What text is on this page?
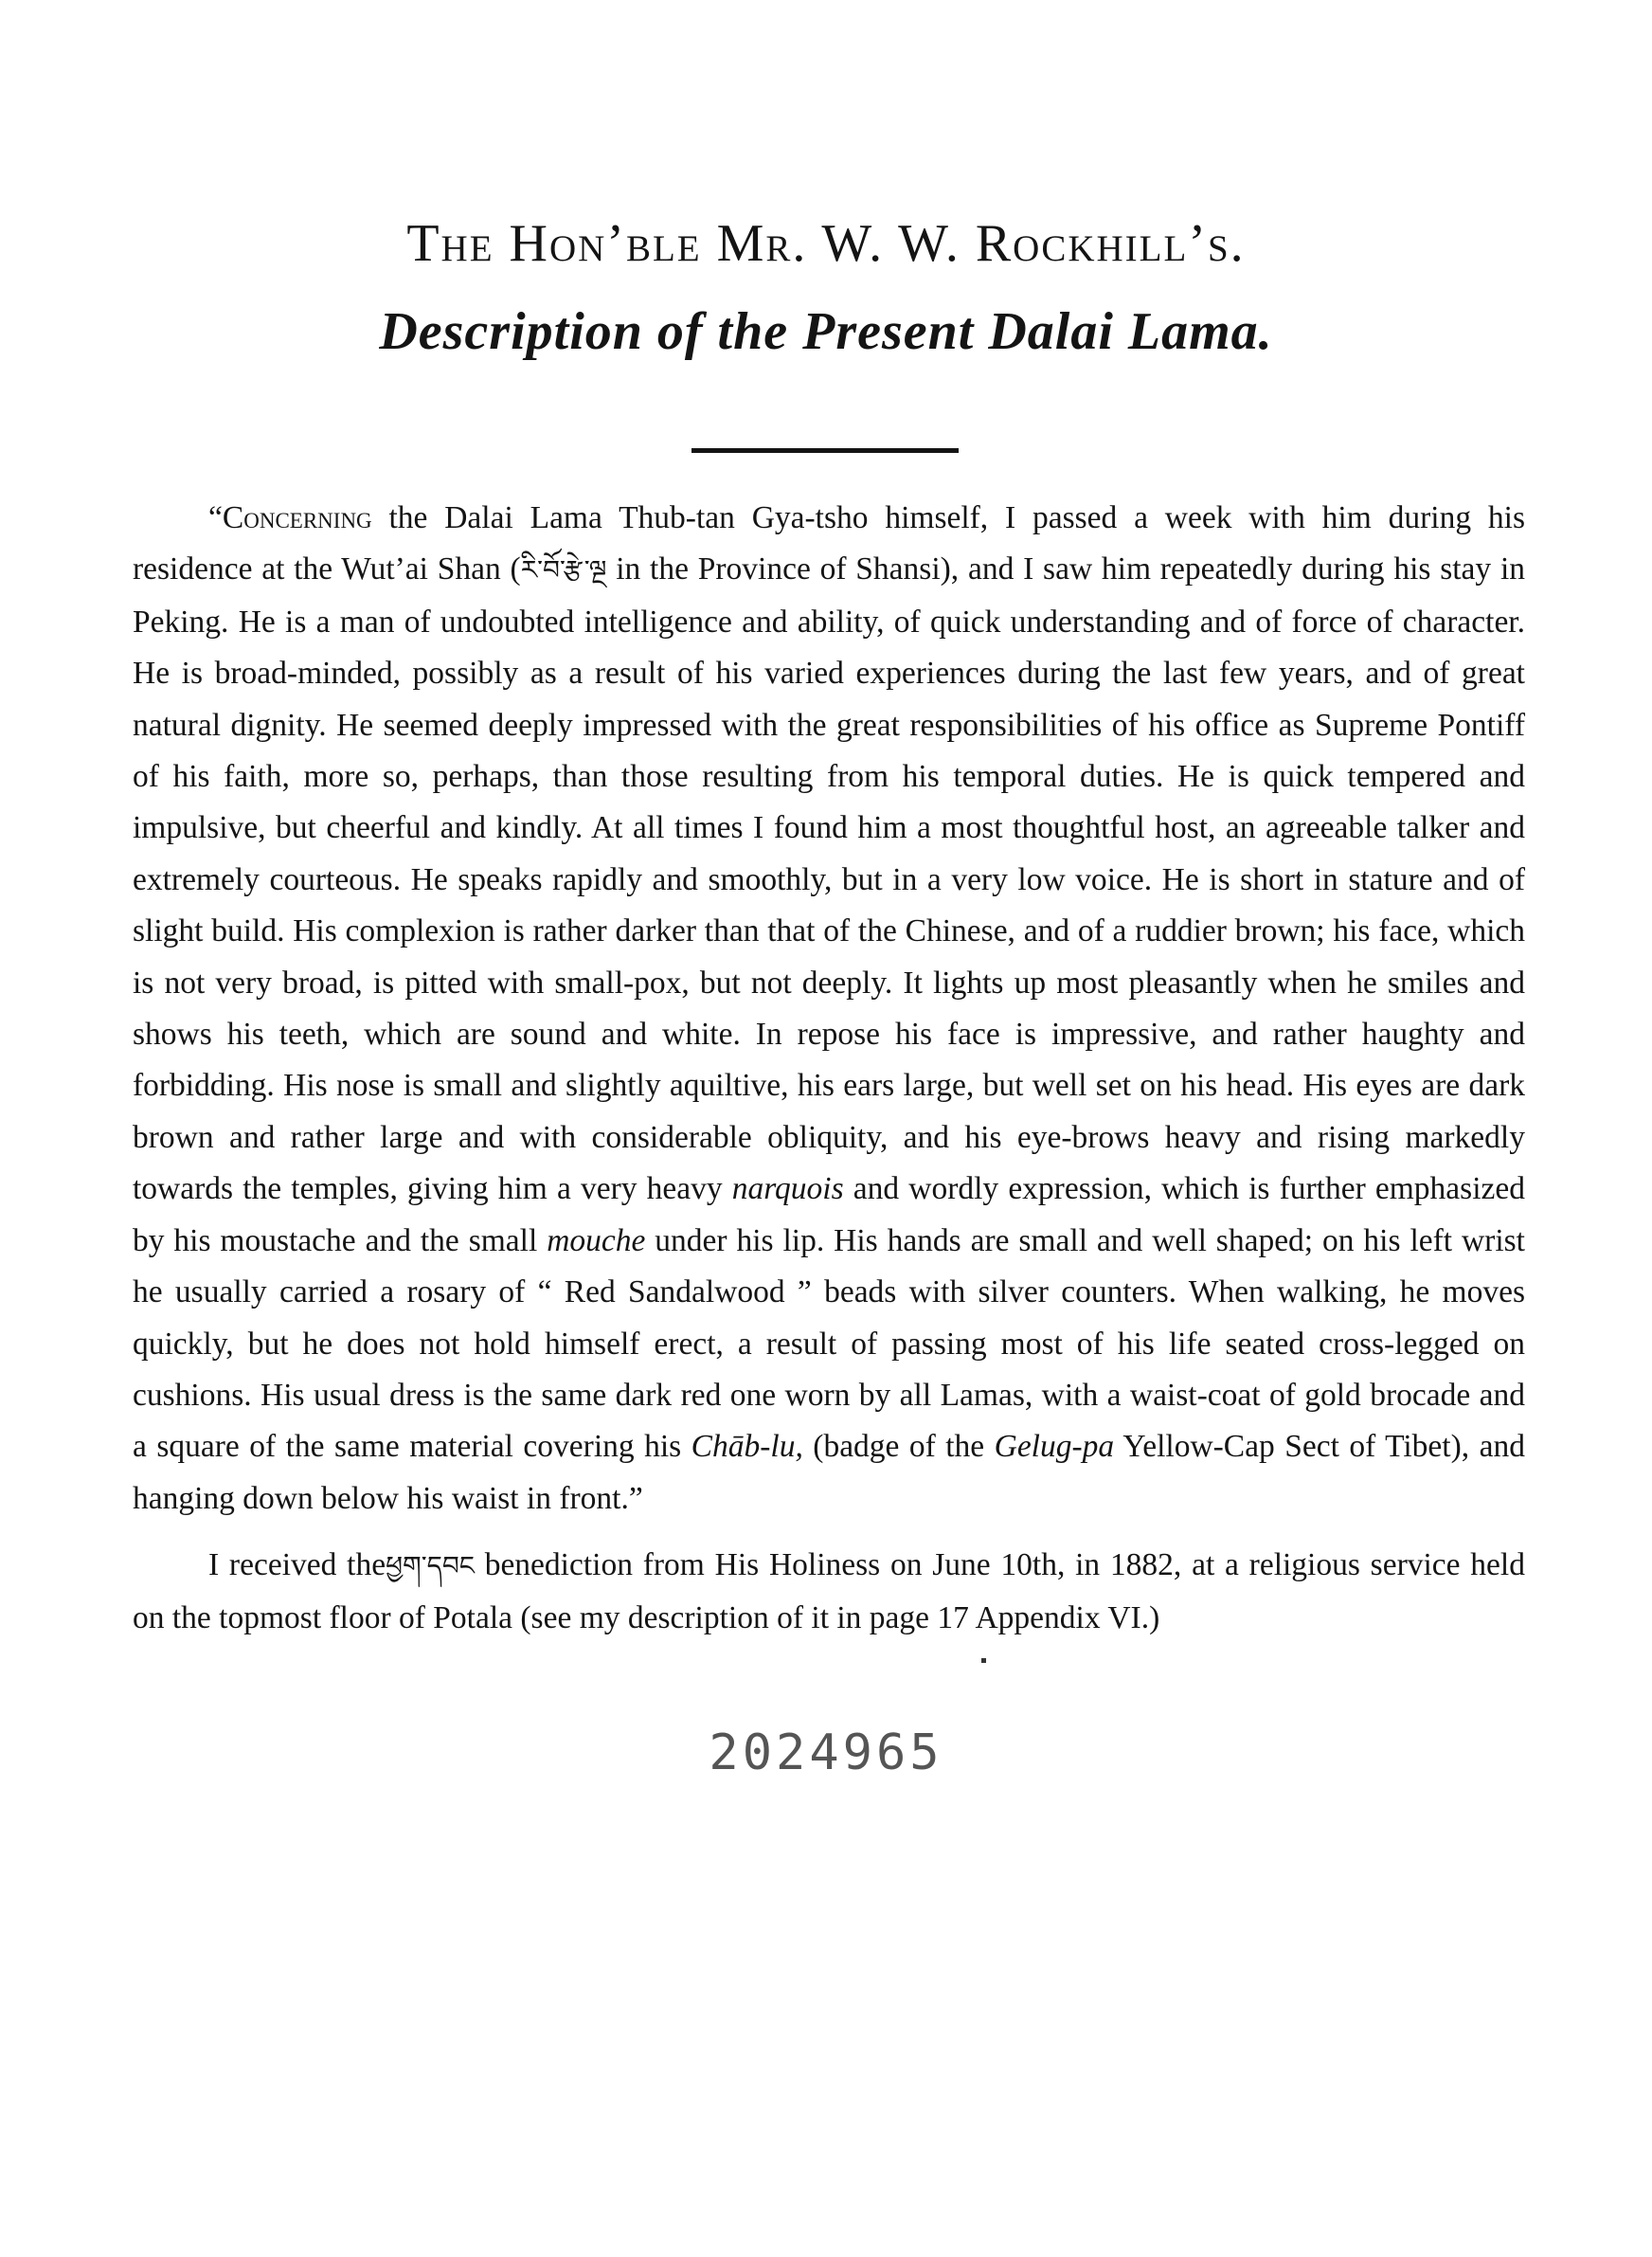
The Hon’ble Mr. W. W. Rockhill’s.
Description of the Present Dalai Lama.

“Concerning the Dalai Lama Thub-tan Gya-tsho himself, I passed a week with him during his residence at the Wut’ai Shan (རི་བོ་རྩེ་ལྔ in the Province of Shansi), and I saw him repeatedly during his stay in Peking. He is a man of undoubted intelligence and ability, of quick understanding and of force of character. He is broad-minded, possibly as a result of his varied experiences during the last few years, and of great natural dignity. He seemed deeply impressed with the great responsibilities of his office as Supreme Pontiff of his faith, more so, perhaps, than those resulting from his temporal duties. He is quick tempered and impulsive, but cheerful and kindly. At all times I found him a most thoughtful host, an agreeable talker and extremely courteous. He speaks rapidly and smoothly, but in a very low voice. He is short in stature and of slight build. His complexion is rather darker than that of the Chinese, and of a ruddier brown; his face, which is not very broad, is pitted with small-pox, but not deeply. It lights up most pleasantly when he smiles and shows his teeth, which are sound and white. In repose his face is impressive, and rather haughty and forbidding. His nose is small and slightly aquiltive, his ears large, but well set on his head. His eyes are dark brown and rather large and with considerable obliquity, and his eye-brows heavy and rising markedly towards the temples, giving him a very heavy narquois and wordly expression, which is further emphasized by his moustache and the small mouche under his lip. His hands are small and well shaped; on his left wrist he usually carried a rosary of “ Red Sandalwood ” beads with silver counters. When walking, he moves quickly, but he does not hold himself erect, a result of passing most of his life seated cross-legged on cushions. His usual dress is the same dark red one worn by all Lamas, with a waist-coat of gold brocade and a square of the same material covering his Chāb-lu, (badge of the Gelug-pa Yellow-Cap Sect of Tibet), and hanging down below his waist in front.”

I received theཕྱག་དབང benediction from His Holiness on June 10th, in 1882, at a religious service held on the topmost floor of Potala (see my description of it in page 17 Appendix VI.)

2024965
